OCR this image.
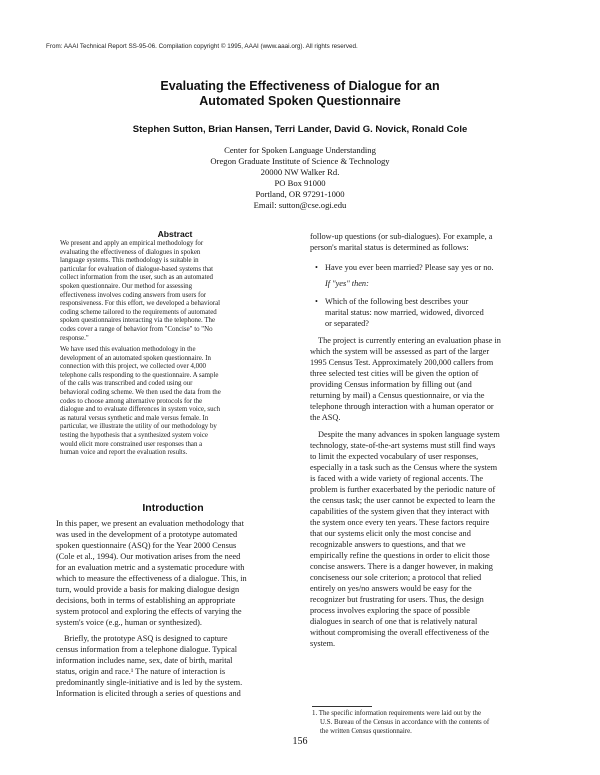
From: AAAI Technical Report SS-95-06. Compilation copyright © 1995, AAAI (www.aaai.org). All rights reserved.
Evaluating the Effectiveness of Dialogue for an
Automated Spoken Questionnaire
Stephen Sutton, Brian Hansen, Terri Lander, David G. Novick, Ronald Cole
Center for Spoken Language Understanding
Oregon Graduate Institute of Science & Technology
20000 NW Walker Rd.
PO Box 91000
Portland, OR 97291-1000
Email: sutton@cse.ogi.edu
Abstract
We present and apply an empirical methodology for
evaluating the effectiveness of dialogues in spoken
language systems. This methodology is suitable in
particular for evaluation of dialogue-based systems that
collect information from the user, such as an automated
spoken questionnaire. Our method for assessing
effectiveness involves coding answers from users for
responsiveness. For this effort, we developed a behavioral
coding scheme tailored to the requirements of automated
spoken questionnaires interacting via the telephone. The
codes cover a range of behavior from "Concise" to "No
response."
We have used this evaluation methodology in the
development of an automated spoken questionnaire. In
connection with this project, we collected over 4,000
telephone calls responding to the questionnaire. A sample
of the calls was transcribed and coded using our
behavioral coding scheme. We then used the data from the
codes to choose among alternative protocols for the
dialogue and to evaluate differences in system voice, such
as natural versus synthetic and male versus female. In
particular, we illustrate the utility of our methodology by
testing the hypothesis that a synthesized system voice
would elicit more constrained user responses than a
human voice and report the evaluation results.
Introduction
In this paper, we present an evaluation methodology that
was used in the development of a prototype automated
spoken questionnaire (ASQ) for the Year 2000 Census
(Cole et al., 1994). Our motivation arises from the need
for an evaluation metric and a systematic procedure with
which to measure the effectiveness of a dialogue. This, in
turn, would provide a basis for making dialogue design
decisions, both in terms of establishing an appropriate
system protocol and exploring the effects of varying the
system's voice (e.g., human or synthesized).
Briefly, the prototype ASQ is designed to capture
census information from a telephone dialogue. Typical
information includes name, sex, date of birth, marital
status, origin and race.¹ The nature of interaction is
predominantly single-initiative and is led by the system.
Information is elicited through a series of questions and
follow-up questions (or sub-dialogues). For example, a
person's marital status is determined as follows:
• Have you ever been married? Please say yes or no.
If "yes" then:
• Which of the following best describes your
marital status: now married, widowed, divorced
or separated?
The project is currently entering an evaluation phase in
which the system will be assessed as part of the larger
1995 Census Test. Approximately 200,000 callers from
three selected test cities will be given the option of
providing Census information by filling out (and
returning by mail) a Census questionnaire, or via the
telephone through interaction with a human operator or
the ASQ.
Despite the many advances in spoken language system
technology, state-of-the-art systems must still find ways
to limit the expected vocabulary of user responses,
especially in a task such as the Census where the system
is faced with a wide variety of regional accents. The
problem is further exacerbated by the periodic nature of
the census task; the user cannot be expected to learn the
capabilities of the system given that they interact with
the system once every ten years. These factors require
that our systems elicit only the most concise and
recognizable answers to questions, and that we
empirically refine the questions in order to elicit those
concise answers. There is a danger however, in making
conciseness our sole criterion; a protocol that relied
entirely on yes/no answers would be easy for the
recognizer but frustrating for users. Thus, the design
process involves exploring the space of possible
dialogues in search of one that is relatively natural
without compromising the overall effectiveness of the
system.
1. The specific information requirements were laid out by the
U.S. Bureau of the Census in accordance with the contents of
the written Census questionnaire.
156
